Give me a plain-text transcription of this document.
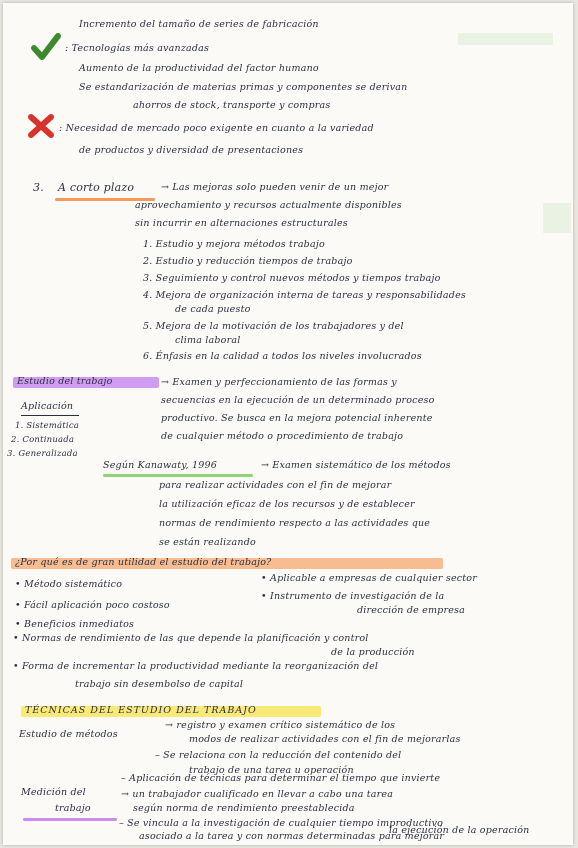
Incremento del tamaño de series de fabricación
: Tecnologías más avanzadas
Aumento de la productividad del factor humano
Se estandarización de materias primas y componentes se derivan
ahorros de stock, transporte y compras
: Necesidad de mercado poco exigente en cuanto a la variedad
de productos y diversidad de presentaciones
3. A corto plazo	→ Las mejoras solo pueden venir de un mejor
aprovechamiento y recursos actualmente disponibles
sin incurrir en alternaciones estructurales
1. Estudio y mejora métodos trabajo
2. Estudio y reducción tiempos de trabajo
3. Seguimiento y control nuevos métodos y tiempos trabajo
4. Mejora de organización interna de tareas y responsabilidades
de cada puesto
5. Mejora de la motivación de los trabajadores y del
clima laboral
6. Énfasis en la calidad a todos los niveles involucrados
Estudio del trabajo	→ Examen y perfeccionamiento de las formas y
secuencias en la ejecución de un determinado proceso
productivo. Se busca en la mejora potencial inherente
de cualquier método o procedimiento de trabajo
Aplicación
1. Sistemática
2. Continuada
3. Generalizada
Según Kanawaty, 1996	→ Examen sistemático de los métodos
para realizar actividades con el fin de mejorar
la utilización eficaz de los recursos y de establecer
normas de rendimiento respecto a las actividades que
se están realizando
¿Por qué es de gran utilidad el estudio del trabajo?
• Método sistemático
• Fácil aplicación poco costoso
• Beneficios inmediatos
• Aplicable a empresas de cualquier sector
• Instrumento de investigación de la
dirección de empresa
• Normas de rendimiento de las que depende la planificación y control
de la producción
• Forma de incrementar la productividad mediante la reorganización del
trabajo sin desembolso de capital
TÉCNICAS DEL ESTUDIO DEL TRABAJO
Estudio de métodos
→ registro y examen crítico sistemático de los
modos de realizar actividades con el fin de mejorarlas
– Se relaciona con la reducción del contenido del
trabajo de una tarea u operación
Medición del
trabajo
– Aplicación de técnicas para determinar el tiempo que invierte
→ un trabajador cualificado en llevar a cabo una tarea
según norma de rendimiento preestablecida
– Se vincula a la investigación de cualquier tiempo improductivo
asociado a la tarea y con normas determinadas para mejorar
la ejecución de la operación
